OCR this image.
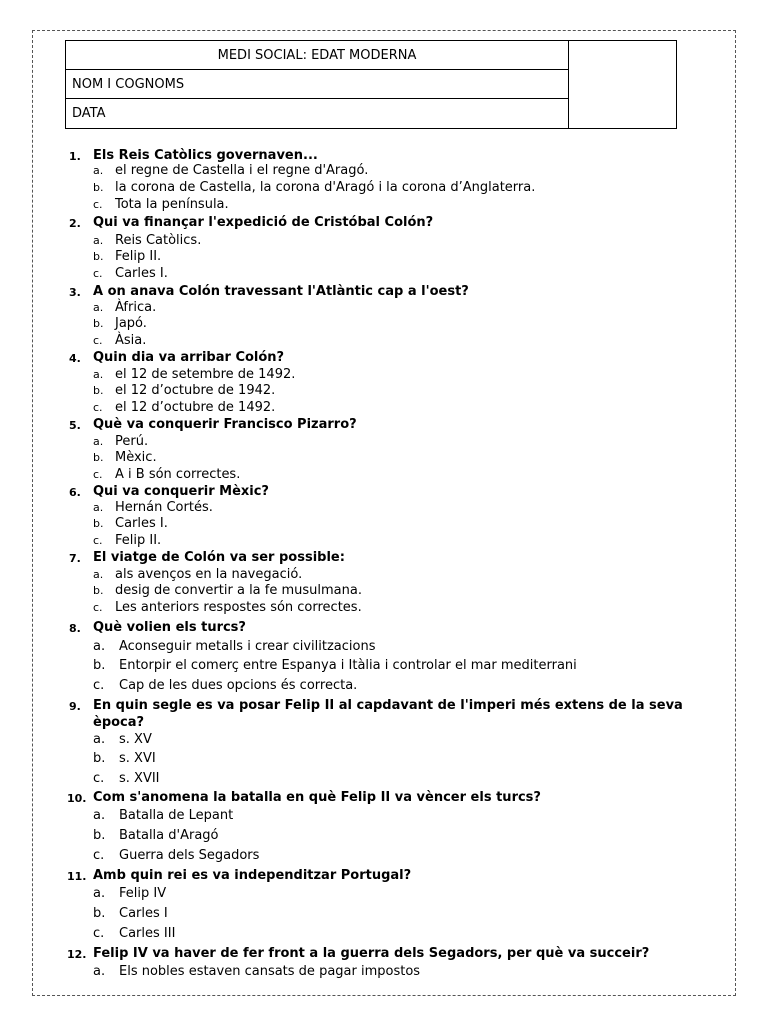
MEDI SOCIAL: EDAT MODERNA
NOM I COGNOMS
DATA
1. Els Reis Catòlics governaven...
a. el regne de Castella i el regne d'Aragó.
b. la corona de Castella, la corona d'Aragó i la corona d’Anglaterra.
c. Tota la península.
2. Qui va finançar l'expedició de Cristóbal Colón?
a. Reis Catòlics.
b. Felip II.
c. Carles I.
3. A on anava Colón travessant l'Atlàntic cap a l'oest?
a. Àfrica.
b. Japó.
c. Àsia.
4. Quin dia va arribar Colón?
a. el 12 de setembre de 1492.
b. el 12 d’octubre de 1942.
c. el 12 d’octubre de 1492.
5. Què va conquerir Francisco Pizarro?
a. Perú.
b. Mèxic.
c. A i B són correctes.
6. Qui va conquerir Mèxic?
a. Hernán Cortés.
b. Carles I.
c. Felip II.
7. El viatge de Colón va ser possible:
a. als avenços en la navegació.
b. desig de convertir a la fe musulmana.
c. Les anteriors respostes són correctes.
8. Què volien els turcs?
a. Aconseguir metalls i crear civilitzacions
b. Entorpir el comerç entre Espanya i Itàlia i controlar el mar mediterrani
c. Cap de les dues opcions és correcta.
9. En quin segle es va posar Felip II al capdavant de l'imperi més extens de la seva època?
a. s. XV
b. s. XVI
c. s. XVII
10. Com s'anomena la batalla en què Felip II va vèncer els turcs?
a. Batalla de Lepant
b. Batalla d'Aragó
c. Guerra dels Segadors
11. Amb quin rei es va independitzar Portugal?
a. Felip IV
b. Carles I
c. Carles III
12. Felip IV va haver de fer front a la guerra dels Segadors, per què va succeir?
a. Els nobles estaven cansats de pagar impostos
